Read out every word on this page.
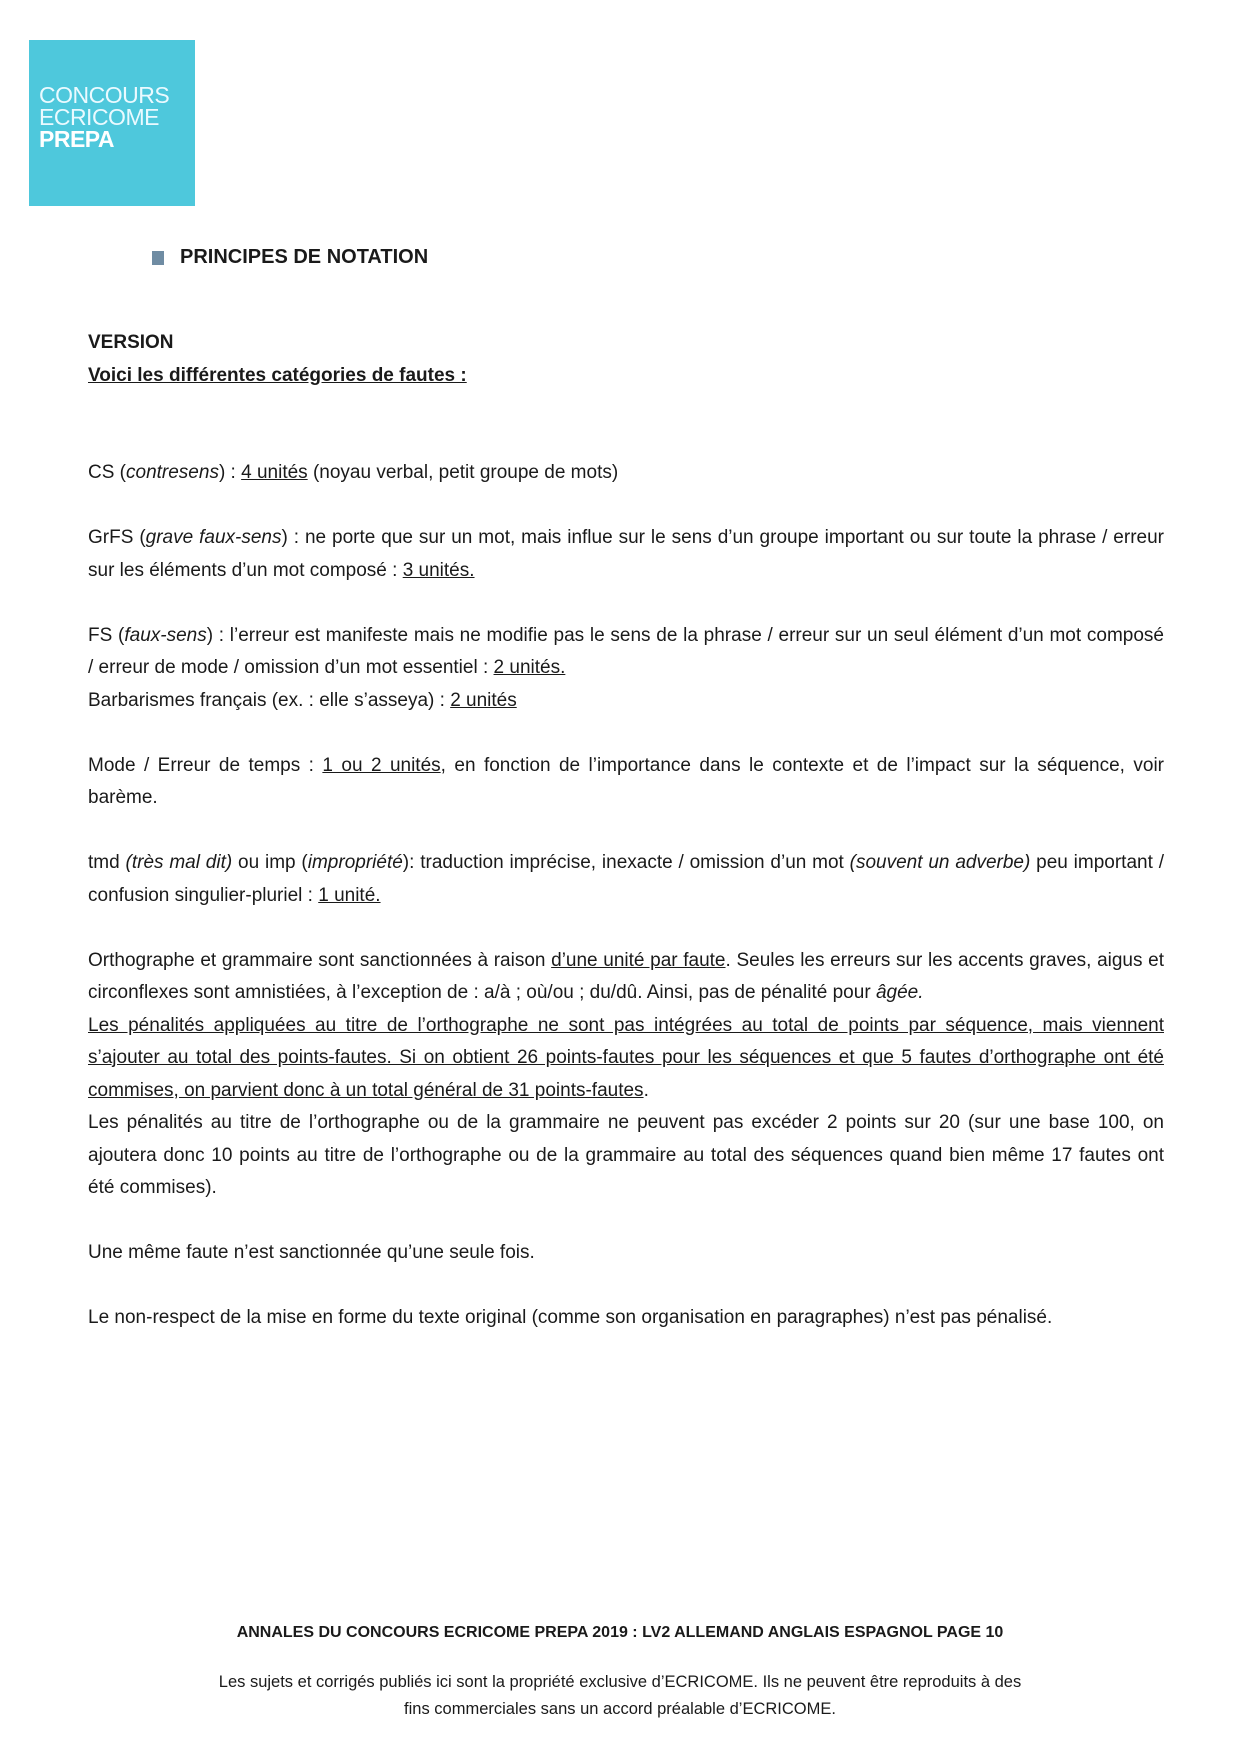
CONCOURS
ECRICOME
PREPA
PRINCIPES DE NOTATION

VERSION

Voici les différentes catégories de fautes :

CS (contresens) : 4 unités (noyau verbal, petit groupe de mots)

GrFS (grave faux-sens) : ne porte que sur un mot, mais influe sur le sens d’un groupe important ou sur toute la phrase / erreur sur les éléments d’un mot composé : 3 unités.

FS (faux-sens) : l’erreur est manifeste mais ne modifie pas le sens de la phrase / erreur sur un seul élément d’un mot composé / erreur de mode / omission d’un mot essentiel : 2 unités.

Barbarismes français (ex. : elle s’asseya) : 2 unités

Mode / Erreur de temps : 1 ou 2 unités, en fonction de l’importance dans le contexte et de l’impact sur la séquence, voir barème.

tmd (très mal dit) ou imp (impropriété): traduction imprécise, inexacte / omission d’un mot (souvent un adverbe) peu important / confusion singulier-pluriel : 1 unité.

Orthographe et grammaire sont sanctionnées à raison d’une unité par faute. Seules les erreurs sur les accents graves, aigus et circonflexes sont amnistiées, à l’exception de : a/à ; où/ou ; du/dû. Ainsi, pas de pénalité pour âgée.

Les pénalités appliquées au titre de l’orthographe ne sont pas intégrées au total de points par séquence, mais viennent s’ajouter au total des points-fautes. Si on obtient 26 points-fautes pour les séquences et que 5 fautes d’orthographe ont été commises, on parvient donc à un total général de 31 points-fautes.

Les pénalités au titre de l’orthographe ou de la grammaire ne peuvent pas excéder 2 points sur 20 (sur une base 100, on ajoutera donc 10 points au titre de l’orthographe ou de la grammaire au total des séquences quand bien même 17 fautes ont été commises).

Une même faute n’est sanctionnée qu’une seule fois.

Le non-respect de la mise en forme du texte original (comme son organisation en paragraphes) n’est pas pénalisé.

ANNALES DU CONCOURS ECRICOME PREPA 2019 : LV2 ALLEMAND ANGLAIS ESPAGNOL PAGE 10
Les sujets et corrigés publiés ici sont la propriété exclusive d’ECRICOME. Ils ne peuvent être reproduits à des
fins commerciales sans un accord préalable d’ECRICOME.
